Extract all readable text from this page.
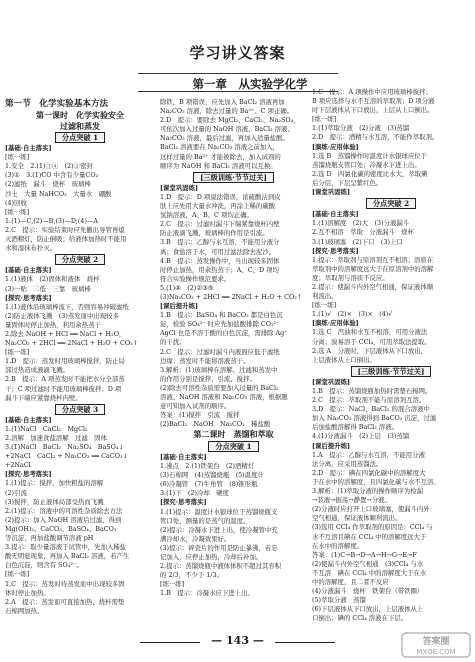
学习讲义答案
第一章　从实验学化学
第一节　化学实验基本方法
第一课时　化学实验安全
过滤和蒸发
分点突破 1
[基础·自主落实]
[练一练]
1.安全　2.(1)③④　(2)②密封
(3)①　3.(1)CO 中含有少量CO₂
(2)滤纸　漏斗　烧杯　玻璃棒
沙土　大量 NaHCO₃　大量水　硼酸
(4)回收
[练一练]
1.(1)—C,(2)—B,(3)—D,(4)—A
2.C　提示：实验结束时应先撤出导管再熄
灭酒精灯，防止倒吸；给液体加热时不能用
水和湿抹布扑灭。
分点突破 2
[基础·自主落实]
1.(1)液体　(2)固体和液体　烧杯
(3)一贴　二低　三靠　玻璃棒
[探究·思考落实]
1.(1)液体沿玻璃棒流下，否则容易冲破滤纸
(2)防止液体飞溅　(3)蒸发皿中出现较多
量固体时停止加热，利用余热蒸干
2.除去 NaOH + HCl ══ NaCl + H₂O，
Na₂CO₃ + 2HCl ══ 2NaCl + H₂O + CO₂↑
[练一练]
1.D　提示：蒸发时用玻璃棒搅拌，防止局
部过热造成液滴飞溅。
2.B　提示：A 项蒸发时不能把水分全部蒸
干；C 项过滤时不能用玻璃棒搅拌；D 项
漏斗下端应紧靠烧杯内壁。
分点突破 3
[基础·自主落实]
1.(1)NaCl　CaCl₂　MgCl₂
2.溶解　加速食盐溶解　过滤　固体
3.(1)NaCl　BaCl₂　Na₂SO₄　BaSO₄↓
+2NaCl　CaCl₂ + Na₂CO₃ ══ CaCO₃↓
+2NaCl
[探究·思考落实]
1.(1)提示：搅拌，加快粗盐的溶解
(2)引流
(3)搅拌，防止液体局部受热而飞溅
2.(1)提示：溶液中的可溶性杂质除去方法
(2)提示：加入 NaOH 溶液后过滤，得到
Mg(OH)₂、CaCO₃、BaSO₄、BaCO₃
等沉淀，再加盐酸调节溶液 pH
3.提示：取少量溶液于试管中，先加入稀盐
酸无明显现象，再加入 BaCl₂ 溶液，若产生
白色沉淀，则含有 SO₄²⁻。
[练一练]
1.C　提示：蒸发时待蒸发皿中出现较多固
体时停止加热。
2.A　提示：蒸发皿可直接加热，烧杯需垫
石棉网加热。
除铁，B 项错误，应先加入 BaCl₂ 溶液再加
Na₂CO₃ 溶液，除去过量的 Ba²⁺。C 项正确。
2.D　提示：要除去 MgCl₂、CaCl₂、Na₂SO₄，
可依次加入过量的 NaOH 溶液、BaCl₂ 溶液、
Na₂CO₃ 溶液，最后过滤，再加入适量盐酸。
BaCl₂ 溶液要在 Na₂CO₃ 溶液之前加入，
这样过量的 Ba²⁺ 才能被除去，加入试剂的
顺序为 NaOH 和 BaCl₂ 溶液可以互换。
[三级训练·节节过关]
[课堂巩固练]
1.D　提示：D 项说法错误，浓硫酸沾到皮
肤上应先用大量水冲洗，再涂上稀的碳酸
氢钠溶液，A、B、C 项均正确。
2.C　提示：过滤时漏斗下端紧靠烧杯内壁
防止液滴飞溅，玻璃棒的作用是引流。
3.B　提示：乙醇与水互溶，不能用分液分
离；食盐溶于水，可用过滤法除去泥沙。
4.B　提示：蒸发操作中，当出现较多固体
时停止加热，用余热蒸干；A、C、D 项均
符合实验操作规范要求。
5.(1)④　(2)②③⑤
(3)Na₂CO₃ + 2HCl ══ 2NaCl + H₂O + CO₂↑
[课后提升练]
1.B　提示：BaSO₄ 和 BaCO₃ 都是白色沉
淀，检验 SO₄²⁻ 时应先加盐酸排除 CO₃²⁻
AgCl 也是不溶于酸的白色沉淀，需排除 Ag⁺
的干扰。
2.C　提示：过滤时漏斗内液面应低于滤纸
边缘；蒸发时不能将溶液蒸干。
3.解析：(1)玻璃棒在溶解、过滤和蒸发中
的作用分别是搅拌、引流、搅拌。
(2)除去可溶性杂质需要加入过量的 BaCl₂
溶液、NaOH 溶液和 Na₂CO₃ 溶液，根据题
意可知加入试剂的顺序。
答案：(1)搅拌　引流　搅拌
(2)BaCl₂　NaOH　Na₂CO₃　稀盐酸
第二课时　蒸馏和萃取
分点突破 1
[基础·自主落实]
1.沸点　2.(1)铁架台　(2)酒精灯
(3)石棉网　(4)蒸馏烧瓶　(5)温度计
(6)冷凝管　(7)牛角管　(8)锥形瓶
3.(1)下　(2)冷却　硬度
[探究·思考落实]
1.(1)提示：温度计水银球位于蒸馏烧瓶支
管口处，测量的是蒸气的温度。
(2)提示：冷凝水下进上出，使冷凝管中充
满冷却水，冷凝效果好。
(3)提示：碎瓷片的作用是防止暴沸，若忘
记加入，应停止加热，冷却后补加。
2.提示：蒸馏烧瓶中液体体积不超过其容积
的 2/3，不少于 1/3。
[练一练]
1.B　提示：冷凝水应下进上出。
1.C　提示：A 项操作中应用玻璃棒搅拌；
B 项应选择与水不互溶的萃取剂；D 项分液
时下层液体从下口放出，上层从上口倒出。
[练一练]
1.(1)萃取分液　(2)分液　(3)蒸馏
2.D　提示：酒精与水互溶，不能作萃取剂。
[演练·应用体验]
1.选 B　蒸馏操作时温度计水银球应位于
蒸馏烧瓶支管口处；冷凝水下进上出。
2.选 D　四氯化碳的密度比水大，萃取碘
后分层，下层呈紫红色。
[课堂巩固练]
分点突破 2
[基础·自主落实]
1.(1)溶解度　(2)大　(3)分液漏斗
2.互不相溶　萃取　分液漏斗　烧杯
3.(1)玻璃塞　(2)下口　(3)上口
[探究·思考落实]
1.提示：萃取剂与原溶剂互不相溶；溶质在
萃取剂中的溶解度远大于在原溶剂中的溶解
度；萃取剂与溶质不反应。
2.提示：使漏斗内外空气相通，保证液体顺
利流出。
[练一练]
1.(1)√　(2)×　(3)×　(4)√
[演练·应用体验]
1.选 C　汽油和水互不相溶，可用分液法
分离；溴易溶于 CCl₄，可用萃取法提取。
2.选 A　分液时，下层液体从下口放出，
上层液体从上口倒出。
[三级训练·节节过关]
[课堂巩固练]
1.B　提示：蒸馏烧瓶加热时需垫石棉网。
2.C　提示：萃取剂不能与原溶剂互溶。
3.D　提示：NaCl、BaCl₂ 的混合溶液中
加入 Na₂CO₃ 溶液得到 BaCO₃ 沉淀，过滤
后加盐酸溶解得 BaCl₂ 溶液。
4.(1)分液漏斗　(2)上层　(3)蒸馏
[课后提升练]
1.A　提示：乙醇与水互溶，不能用分液
法分离，应采用蒸馏法。
2.D　提示：碘在四氯化碳中的溶解度大
于在水中的溶解度，且四氯化碳与水不互溶。
3.解析：(1)萃取分液的操作顺序为检漏
→装液→振荡→静置→分液。
(2)分液时应打开上口玻璃塞，使漏斗内外
空气相通，保证液体顺利流出。
(3)选用 CCl₄ 作萃取剂的原因是：CCl₄ 与
水不互溶且碘在 CCl₄ 中的溶解度远大于
在水中的溶解度。
答案：(1)C→B→D→A→H→G→E→F
(2)使漏斗内外空气相通　(3)CCl₄ 与水
不互溶　碘在 CCl₄ 中的溶解度大于在水
中的溶解度，且二者不反应
(4)分液漏斗　烧杯　铁架台（带铁圈）
(5)萃取分液　蒸馏
(6)下层液体从下口放出，上层液体从上
口倒出；碘的 CCl₄ 溶液在下层。
— 143 —	答案圈
MXQE.COM
